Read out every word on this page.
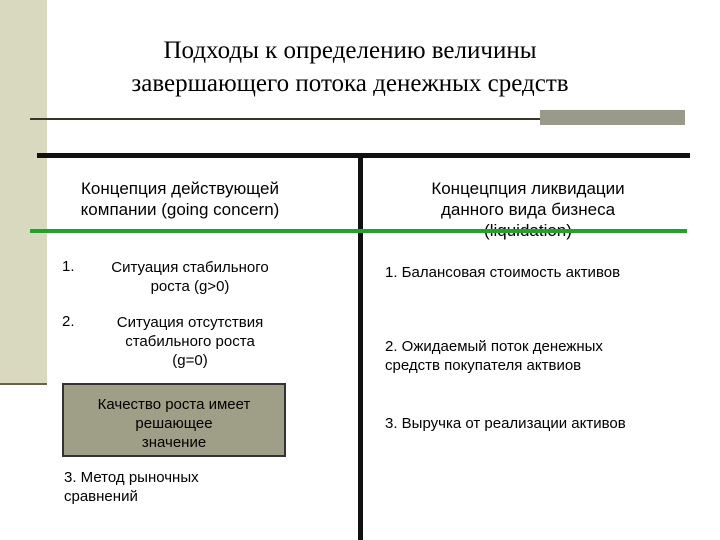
Подходы к определению величины
завершающего потока денежных средств
Концепция действующей
компании (going concern)
Концецпция ликвидации
данного вида бизнеса
1.	Ситуация стабильного
роста (g>0)
2.	Ситуация отсутствия
стабильного роста
(g=0)
Качество роста имеет
решающее
значение
3. Метод рыночных
сравнений
1. Балансовая стоимость активов
2. Ожидаемый поток денежных
средств покупателя актвиов
3. Выручка от реализации активов
